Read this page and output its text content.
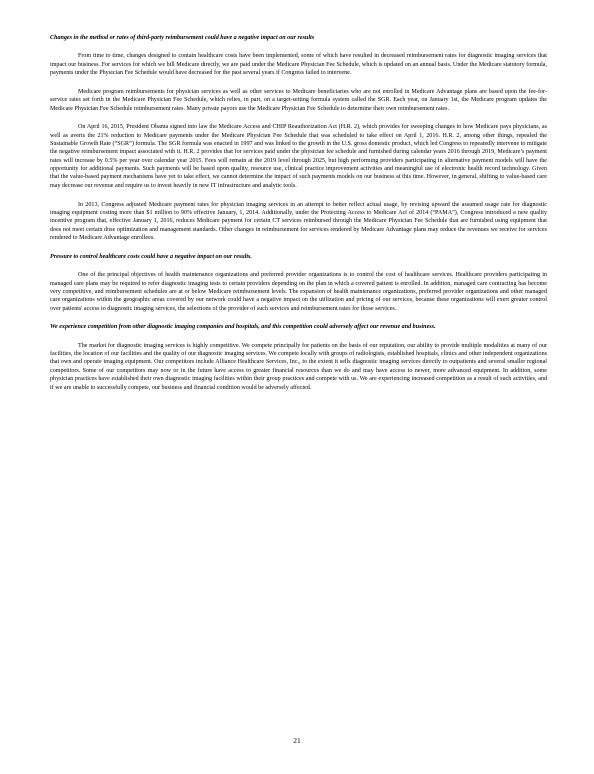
Changes in the method or rates of third-party reimbursement could have a negative impact on our results

From time to time, changes designed to contain healthcare costs have been implemented, some of which have resulted in decreased reimbursement rates for diagnostic imaging services that impact our business. For services for which we bill Medicare directly, we are paid under the Medicare Physician Fee Schedule, which is updated on an annual basis. Under the Medicare statutory formula, payments under the Physician Fee Schedule would have decreased for the past several years if Congress failed to intervene.

Medicare program reimbursements for physician services as well as other services to Medicare beneficiaries who are not enrolled in Medicare Advantage plans are based upon the fee-for-service rates set forth in the Medicare Physician Fee Schedule, which relies, in part, on a target-setting formula system called the SGR. Each year, on January 1st, the Medicare program updates the Medicare Physician Fee Schedule reimbursement rates. Many private payors use the Medicare Physician Fee Schedule to determine their own reimbursement rates.

On April 16, 2015, President Obama signed into law the Medicare Access and CHIP Reauthorization Act (H.R. 2), which provides for sweeping changes to how Medicare pays physicians, as well as averts the 21% reduction to Medicare payments under the Medicare Physician Fee Schedule that was scheduled to take effect on April 1, 2016. H.R. 2, among other things, repealed the Sustainable Growth Rate (“SGR”) formula. The SGR formula was enacted in 1997 and was linked to the growth in the U.S. gross domestic product, which led Congress to repeatedly intervene to mitigate the negative reimbursement impact associated with it. H.R. 2 provides that for services paid under the physician fee schedule and furnished during calendar years 2016 through 2019, Medicare’s payment rates will increase by 0.5% per year over calendar year 2015. Fees will remain at the 2019 level through 2025, but high performing providers participating in alternative payment models will have the opportunity for additional payments. Such payments will be based upon quality, resource use, clinical practice improvement activities and meaningful use of electronic health record technology. Given that the value-based payment mechanisms have yet to take effect, we cannot determine the impact of such payments models on our business at this time. However, in general, shifting to value-based care may decrease our revenue and require us to invest heavily in new IT infrastructure and analytic tools.

In 2013, Congress adjusted Medicare payment rates for physician imaging services in an attempt to better reflect actual usage, by revising upward the assumed usage rate for diagnostic imaging equipment costing more than $1 million to 90% effective January, 1, 2014. Additionally, under the Protecting Access to Medicare Act of 2014 (“PAMA”), Congress introduced a new quality incentive program that, effective January 1, 2016, reduces Medicare payment for certain CT services reimbursed through the Medicare Physician Fee Schedule that are furnished using equipment that does not meet certain dose optimization and management standards. Other changes in reimbursement for services rendered by Medicare Advantage plans may reduce the revenues we receive for services rendered to Medicare Advantage enrollees.

Pressure to control healthcare costs could have a negative impact on our results.

One of the principal objectives of health maintenance organizations and preferred provider organizations is to control the cost of healthcare services. Healthcare providers participating in managed care plans may be required to refer diagnostic imaging tests to certain providers depending on the plan in which a covered patient is enrolled. In addition, managed care contracting has become very competitive, and reimbursement schedules are at or below Medicare reimbursement levels. The expansion of health maintenance organizations, preferred provider organizations and other managed care organizations within the geographic areas covered by our network could have a negative impact on the utilization and pricing of our services, because these organizations will exert greater control over patients' access to diagnostic imaging services, the selections of the provider of such services and reimbursement rates for those services.

We experience competition from other diagnostic imaging companies and hospitals, and this competition could adversely affect our revenue and business.

The market for diagnostic imaging services is highly competitive. We compete principally for patients on the basis of our reputation, our ability to provide multiple modalities at many of our facilities, the location of our facilities and the quality of our diagnostic imaging services. We compete locally with groups of radiologists, established hospitals, clinics and other independent organizations that own and operate imaging equipment. Our competitors include Alliance Healthcare Services, Inc., to the extent it sells diagnostic imaging services directly to outpatients and several smaller regional competitors. Some of our competitors may now or in the future have access to greater financial resources than we do and may have access to newer, more advanced equipment. In addition, some physician practices have established their own diagnostic imaging facilities within their group practices and compete with us. We are experiencing increased competition as a result of such activities, and if we are unable to successfully compete, our business and financial condition would be adversely affected.

21
